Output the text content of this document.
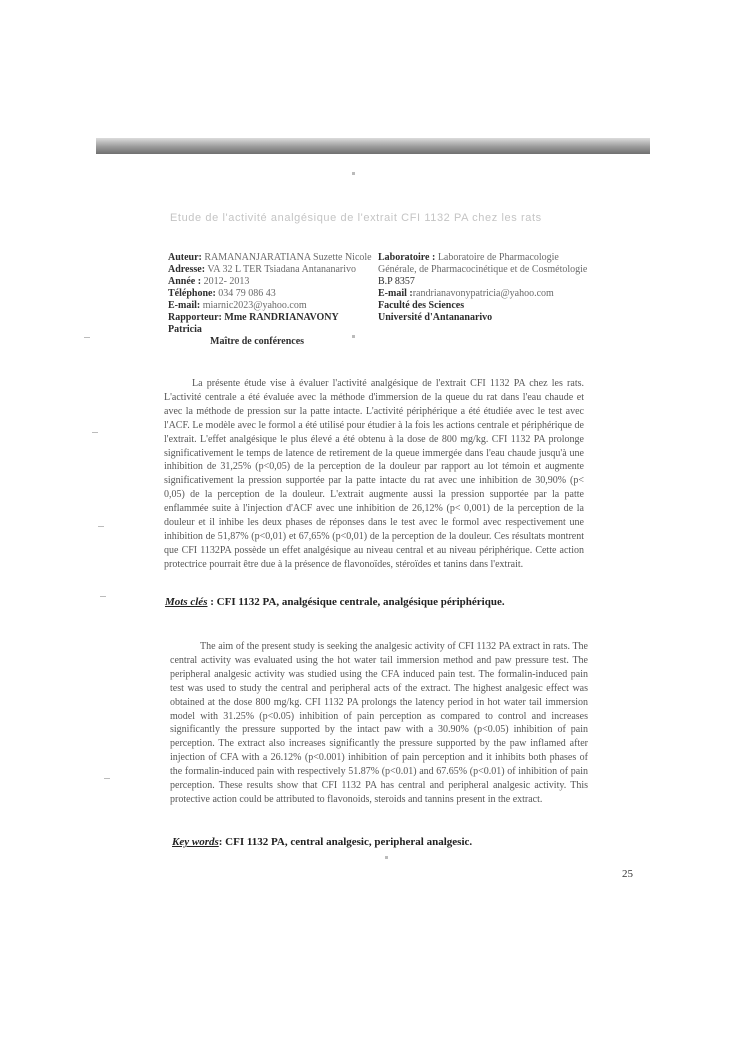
Etude de l'activité analgésique de l'extrait CFI 1132 PA chez les rats
Auteur: RAMANANJARATIANA Suzette Nicole
Adresse: VA 32 L TER Tsiadana Antananarivo
Année : 2012- 2013
Téléphone: 034 79 086 43
E-mail: miarnic2023@yahoo.com
Rapporteur: Mme RANDRIANAVONY Patricia
Maître de conférences
Laboratoire : Laboratoire de Pharmacologie
Générale, de Pharmacocinétique et de Cosmétologie
B.P 8357
E-mail :randrianavonypatricia@yahoo.com
Faculté des Sciences
Université d'Antananarivo

La présente étude vise à évaluer l'activité analgésique de l'extrait CFI 1132 PA chez les rats. L'activité centrale a été évaluée avec la méthode d'immersion de la queue du rat dans l'eau chaude et avec la méthode de pression sur la patte intacte. L'activité périphérique a été étudiée avec le test avec l'ACF. Le modèle avec le formol a été utilisé pour étudier à la fois les actions centrale et périphérique de l'extrait. L'effet analgésique le plus élevé a été obtenu à la dose de 800 mg/kg. CFI 1132 PA prolonge significativement le temps de latence de retirement de la queue immergée dans l'eau chaude jusqu'à une inhibition de 31,25% (p<0,05) de la perception de la douleur par rapport au lot témoin et augmente significativement la pression supportée par la patte intacte du rat avec une inhibition de 30,90% (p< 0,05) de la perception de la douleur. L'extrait augmente aussi la pression supportée par la patte enflammée suite à l'injection d'ACF avec une inhibition de 26,12% (p< 0,001) de la perception de la douleur et il inhibe les deux phases de réponses dans le test avec le formol avec respectivement une inhibition de 51,87% (p<0,01) et 67,65% (p<0,01) de la perception de la douleur. Ces résultats montrent que CFI 1132PA possède un effet analgésique au niveau central et au niveau périphérique. Cette action protectrice pourrait être due à la présence de flavonoïdes, stéroïdes et tanins dans l'extrait.

Mots clés : CFI 1132 PA, analgésique centrale, analgésique périphérique.

The aim of the present study is seeking the analgesic activity of CFI 1132 PA extract in rats. The central activity was evaluated using the hot water tail immersion method and paw pressure test. The peripheral analgesic activity was studied using the CFA induced pain test. The formalin-induced pain test was used to study the central and peripheral acts of the extract. The highest analgesic effect was obtained at the dose 800 mg/kg. CFI 1132 PA prolongs the latency period in hot water tail immersion model with 31.25% (p<0.05) inhibition of pain perception as compared to control and increases significantly the pressure supported by the intact paw with a 30.90% (p<0.05) inhibition of pain perception. The extract also increases significantly the pressure supported by the paw inflamed after injection of CFA with a 26.12% (p<0.001) inhibition of pain perception and it inhibits both phases of the formalin-induced pain with respectively 51.87% (p<0.01) and 67.65% (p<0.01) of inhibition of pain perception. These results show that CFI 1132 PA has central and peripheral analgesic activity. This protective action could be attributed to flavonoids, steroids and tannins present in the extract.

Key words: CFI 1132 PA, central analgesic, peripheral analgesic.
25
